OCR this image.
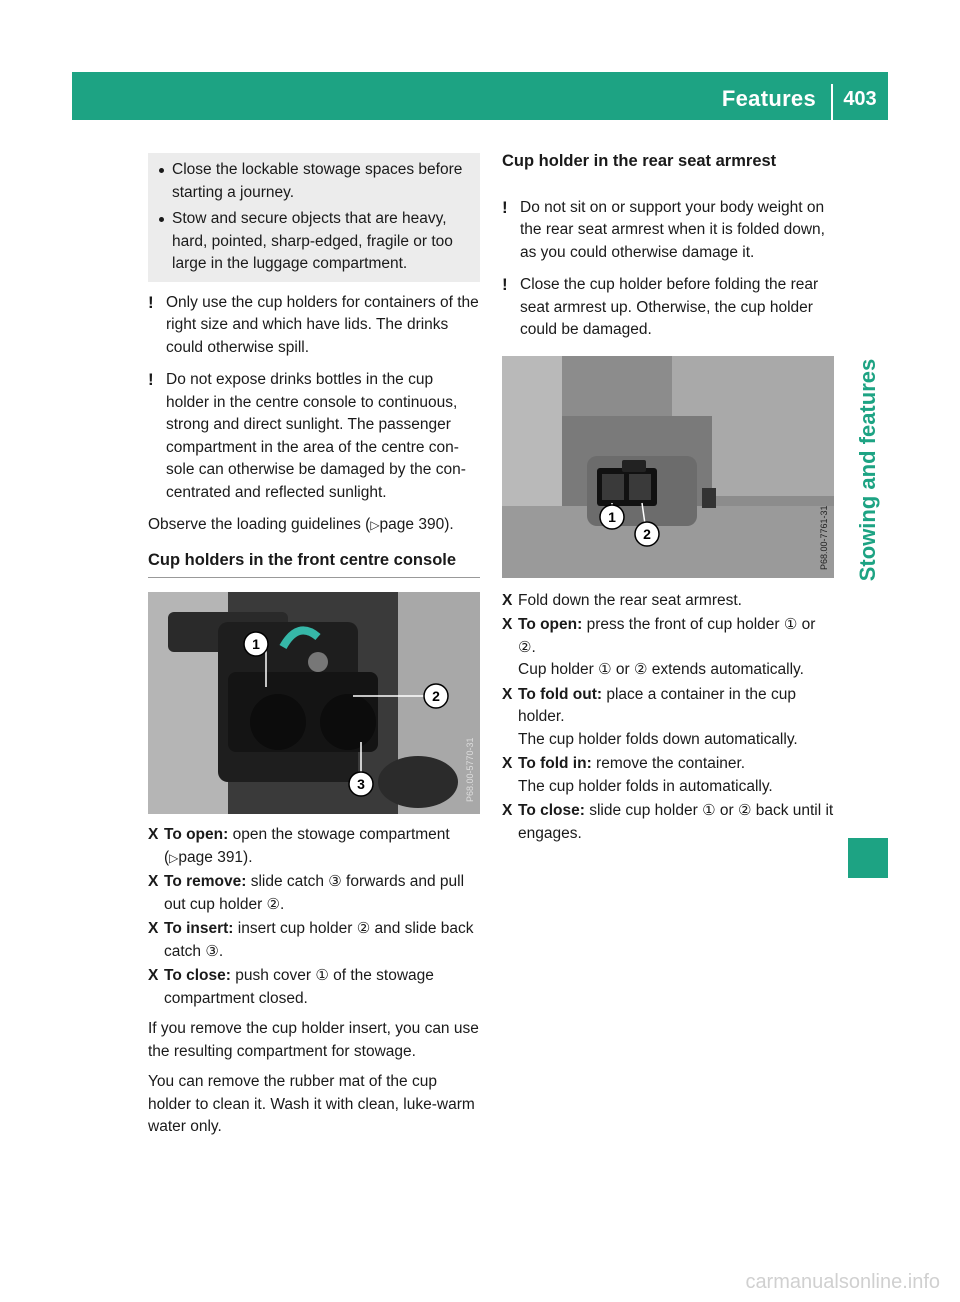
Features	403
Stowing and features

Close the lockable stowage spaces before starting a journey.

Stow and secure objects that are heavy, hard, pointed, sharp-edged, fragile or too large in the luggage compartment.

! Only use the cup holders for containers of the right size and which have lids. The drinks could otherwise spill.

! Do not expose drinks bottles in the cup holder in the centre console to continuous, strong and direct sunlight. The passenger compartment in the area of the centre con-sole can otherwise be damaged by the con-centrated and reflected sunlight.

Observe the loading guidelines (▷page 390).

Cup holders in the front centre console
1
2
3	P68.00-5770-31

X To open: open the stowage compartment (▷page 391).

X To remove: slide catch ③ forwards and pull out cup holder ②.

X To insert: insert cup holder ② and slide back catch ③.

X To close: push cover ① of the stowage compartment closed.

If you remove the cup holder insert, you can use the resulting compartment for stowage.

You can remove the rubber mat of the cup holder to clean it. Wash it with clean, luke-warm water only.

Cup holder in the rear seat armrest

! Do not sit on or support your body weight on the rear seat armrest when it is folded down, as you could otherwise damage it.

! Close the cup holder before folding the rear seat armrest up. Otherwise, the cup holder could be damaged.

1
2	P68.00-7761-31

X Fold down the rear seat armrest.

X To open: press the front of cup holder ① or ②.
Cup holder ① or ② extends automatically.

X To fold out: place a container in the cup holder.
The cup holder folds down automatically.

X To fold in: remove the container.
The cup holder folds in automatically.

X To close: slide cup holder ① or ② back until it engages.

carmanualsonline.info
